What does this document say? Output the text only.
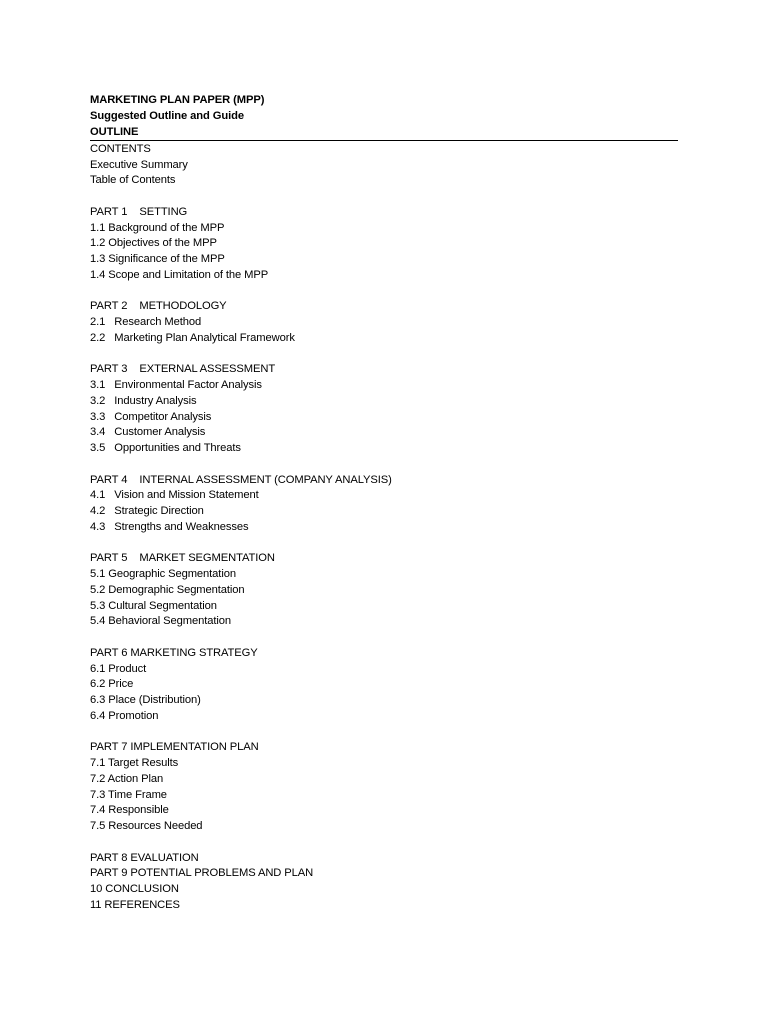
MARKETING PLAN PAPER (MPP)
Suggested Outline and Guide
OUTLINE
CONTENTS
Executive Summary
Table of Contents
PART 1    SETTING
1.1 Background of the MPP
1.2 Objectives of the MPP
1.3 Significance of the MPP
1.4 Scope and Limitation of the MPP
PART 2    METHODOLOGY
2.1   Research Method
2.2   Marketing Plan Analytical Framework
PART 3    EXTERNAL ASSESSMENT
3.1   Environmental Factor Analysis
3.2   Industry Analysis
3.3   Competitor Analysis
3.4   Customer Analysis
3.5   Opportunities and Threats
PART 4    INTERNAL ASSESSMENT (COMPANY ANALYSIS)
4.1   Vision and Mission Statement
4.2   Strategic Direction
4.3   Strengths and Weaknesses
PART 5    MARKET SEGMENTATION
5.1 Geographic Segmentation
5.2 Demographic Segmentation
5.3 Cultural Segmentation
5.4 Behavioral Segmentation
PART 6 MARKETING STRATEGY
6.1 Product
6.2 Price
6.3 Place (Distribution)
6.4 Promotion
PART 7 IMPLEMENTATION PLAN
7.1 Target Results
7.2 Action Plan
7.3 Time Frame
7.4 Responsible
7.5 Resources Needed
PART 8 EVALUATION
PART 9 POTENTIAL PROBLEMS AND PLAN
10 CONCLUSION
11 REFERENCES
